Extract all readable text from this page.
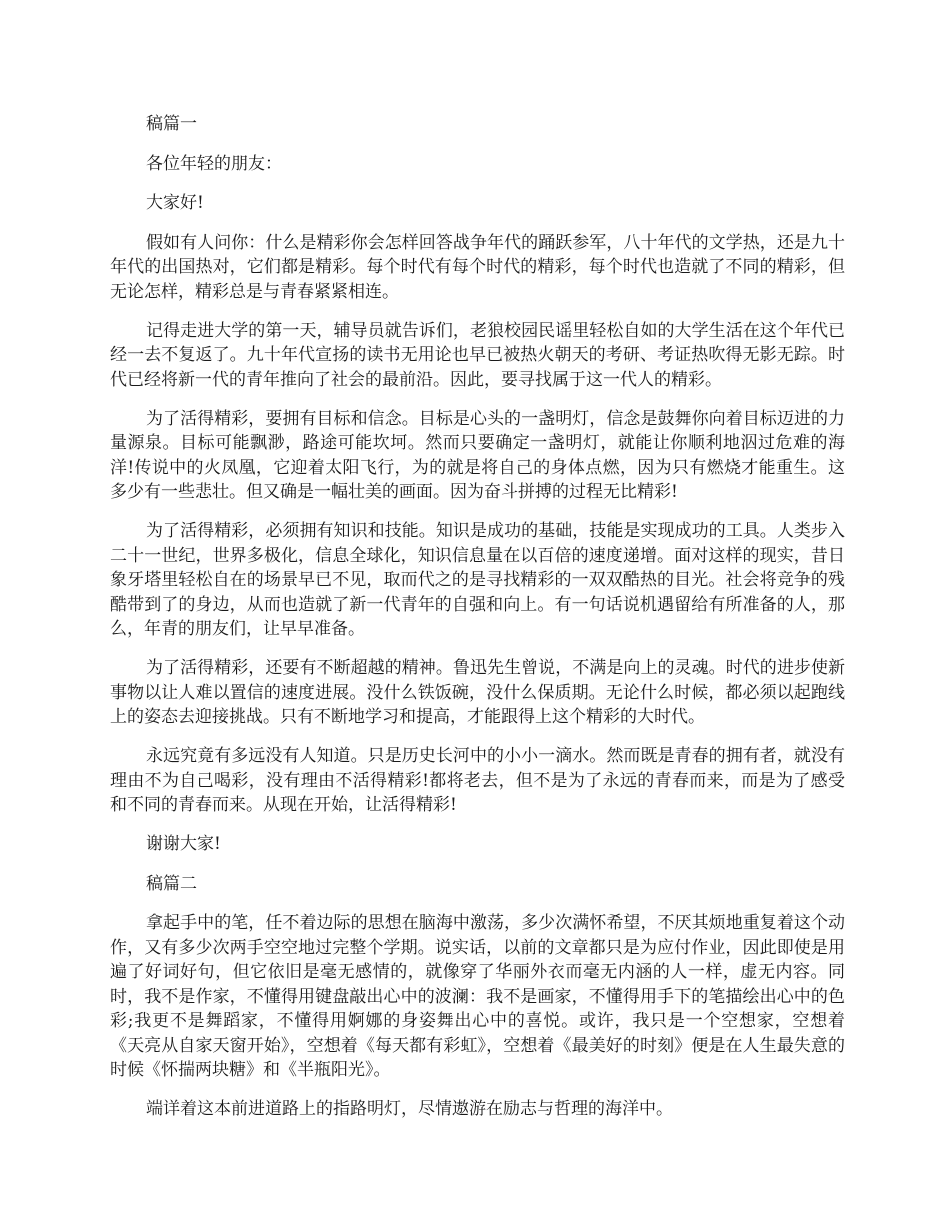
稿篇一

各位年轻的朋友：

大家好!

假如有人问你：什么是精彩你会怎样回答战争年代的踊跃参军，八十年代的文学热，还是九十年代的出国热对，它们都是精彩。每个时代有每个时代的精彩，每个时代也造就了不同的精彩，但无论怎样，精彩总是与青春紧紧相连。

记得走进大学的第一天，辅导员就告诉们，老狼校园民谣里轻松自如的大学生活在这个年代已经一去不复返了。九十年代宣扬的读书无用论也早已被热火朝天的考研、考证热吹得无影无踪。时代已经将新一代的青年推向了社会的最前沿。因此，要寻找属于这一代人的精彩。

为了活得精彩，要拥有目标和信念。目标是心头的一盏明灯，信念是鼓舞你向着目标迈进的力量源泉。目标可能飘渺，路途可能坎坷。然而只要确定一盏明灯，就能让你顺利地泅过危难的海洋!传说中的火凤凰，它迎着太阳飞行，为的就是将自己的身体点燃，因为只有燃烧才能重生。这多少有一些悲壮。但又确是一幅壮美的画面。因为奋斗拼搏的过程无比精彩!

为了活得精彩，必须拥有知识和技能。知识是成功的基础，技能是实现成功的工具。人类步入二十一世纪，世界多极化，信息全球化，知识信息量在以百倍的速度递增。面对这样的现实，昔日象牙塔里轻松自在的场景早已不见，取而代之的是寻找精彩的一双双酷热的目光。社会将竞争的残酷带到了的身边，从而也造就了新一代青年的自强和向上。有一句话说机遇留给有所准备的人，那么，年青的朋友们，让早早准备。

为了活得精彩，还要有不断超越的精神。鲁迅先生曾说，不满是向上的灵魂。时代的进步使新事物以让人难以置信的速度进展。没什么铁饭碗，没什么保质期。无论什么时候，都必须以起跑线上的姿态去迎接挑战。只有不断地学习和提高，才能跟得上这个精彩的大时代。

永远究竟有多远没有人知道。只是历史长河中的小小一滴水。然而既是青春的拥有者，就没有理由不为自己喝彩，没有理由不活得精彩!都将老去，但不是为了永远的青春而来，而是为了感受和不同的青春而来。从现在开始，让活得精彩!

谢谢大家!

稿篇二

拿起手中的笔，任不着边际的思想在脑海中激荡，多少次满怀希望，不厌其烦地重复着这个动作，又有多少次两手空空地过完整个学期。说实话，以前的文章都只是为应付作业，因此即使是用遍了好词好句，但它依旧是毫无感情的，就像穿了华丽外衣而毫无内涵的人一样，虚无内容。同时，我不是作家，不懂得用键盘敲出心中的波澜：我不是画家，不懂得用手下的笔描绘出心中的色彩;我更不是舞蹈家，不懂得用婀娜的身姿舞出心中的喜悦。或许，我只是一个空想家，空想着《天亮从自家天窗开始》，空想着《每天都有彩虹》，空想着《最美好的时刻》便是在人生最失意的时候《怀揣两块糖》和《半瓶阳光》。

端详着这本前进道路上的指路明灯，尽情遨游在励志与哲理的海洋中。
